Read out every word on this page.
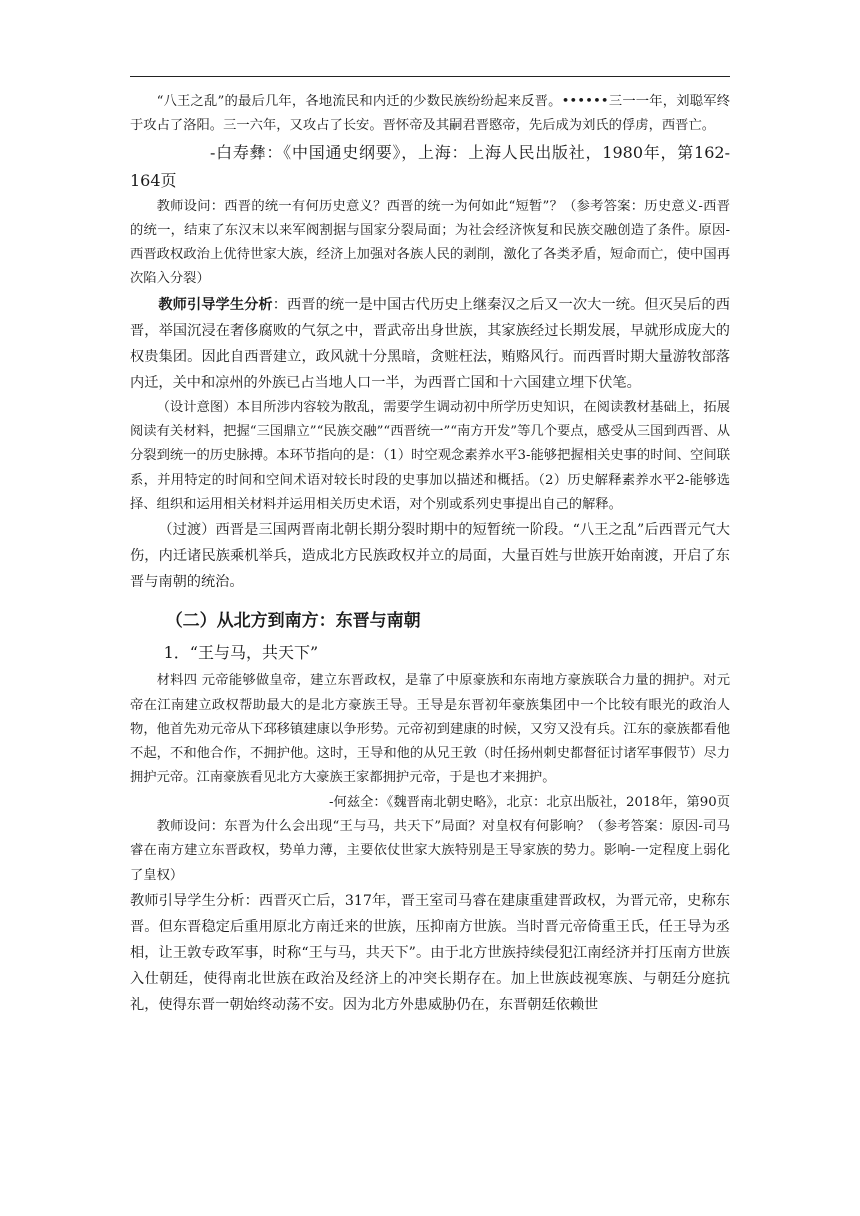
“八王之乱”的最后几年，各地流民和内迁的少数民族纷纷起来反晋。••••••三一一年，刘聪军终于攻占了洛阳。三一六年，又攻占了长安。晋怀帝及其嗣君晋愍帝，先后成为刘氏的俘虏，西晋亡。

-白寿彝：《中国通史纲要》，上海：上海人民出版社，1980年，第162-164页

教师设问：西晋的统一有何历史意义？西晋的统一为何如此“短暂”？（参考答案：历史意义-西晋的统一，结束了东汉末以来军阀割据与国家分裂局面；为社会经济恢复和民族交融创造了条件。原因-西晋政权政治上优待世家大族，经济上加强对各族人民的剥削，激化了各类矛盾，短命而亡，使中国再次陷入分裂）

教师引导学生分析：西晋的统一是中国古代历史上继秦汉之后又一次大一统。但灭吴后的西晋，举国沉浸在奢侈腐败的气氛之中，晋武帝出身世族，其家族经过长期发展，早就形成庞大的权贵集团。因此自西晋建立，政风就十分黑暗，贪赃枉法，贿赂风行。而西晋时期大量游牧部落内迁，关中和凉州的外族已占当地人口一半，为西晋亡国和十六国建立埋下伏笔。

（设计意图）本目所涉内容较为散乱，需要学生调动初中所学历史知识，在阅读教材基础上，拓展阅读有关材料，把握“三国鼎立”“民族交融”“西晋统一”“南方开发”等几个要点，感受从三国到西晋、从分裂到统一的历史脉搏。本环节指向的是：（1）时空观念素养水平3-能够把握相关史事的时间、空间联系，并用特定的时间和空间术语对较长时段的史事加以描述和概括。（2）历史解释素养水平2-能够选择、组织和运用相关材料并运用相关历史术语，对个别或系列史事提出自己的解释。

（过渡）西晋是三国两晋南北朝长期分裂时期中的短暂统一阶段。“八王之乱”后西晋元气大伤，内迁诸民族乘机举兵，造成北方民族政权并立的局面，大量百姓与世族开始南渡，开启了东晋与南朝的统治。

（二）从北方到南方：东晋与南朝

1．“王与马，共天下”

材料四 元帝能够做皇帝，建立东晋政权，是靠了中原豪族和东南地方豪族联合力量的拥护。对元帝在江南建立政权帮助最大的是北方豪族王导。王导是东晋初年豪族集团中一个比较有眼光的政治人物，他首先劝元帝从下邳移镇建康以争形势。元帝初到建康的时候，又穷又没有兵。江东的豪族都看他不起，不和他合作，不拥护他。这时，王导和他的从兄王敦（时任扬州刺史都督征讨诸军事假节）尽力拥护元帝。江南豪族看见北方大豪族王家都拥护元帝，于是也才来拥护。

-何兹全：《魏晋南北朝史略》，北京：北京出版社，2018年，第90页

教师设问：东晋为什么会出现“王与马，共天下”局面？对皇权有何影响？（参考答案：原因-司马睿在南方建立东晋政权，势单力薄，主要依仗世家大族特别是王导家族的势力。影响-一定程度上弱化了皇权）

教师引导学生分析：西晋灭亡后，317年，晋王室司马睿在建康重建晋政权，为晋元帝，史称东晋。但东晋稳定后重用原北方南迁来的世族，压抑南方世族。当时晋元帝倚重王氏，任王导为丞相，让王敦专政军事，时称“王与马，共天下”。由于北方世族持续侵犯江南经济并打压南方世族入仕朝廷，使得南北世族在政治及经济上的冲突长期存在。加上世族歧视寒族、与朝廷分庭抗礼，使得东晋一朝始终动荡不安。因为北方外患威胁仍在，东晋朝廷依赖世
